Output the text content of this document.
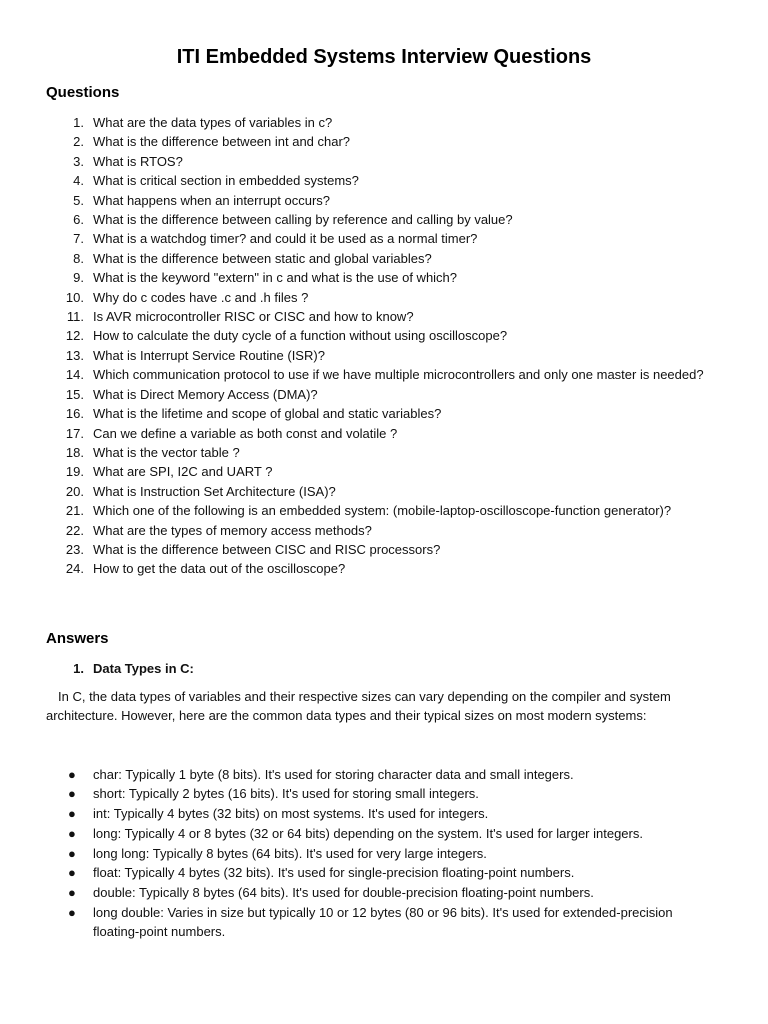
ITI Embedded Systems Interview Questions
Questions
1. What are the data types of variables in c?
2. What is the difference between int and char?
3. What is RTOS?
4. What is critical section in embedded systems?
5. What happens when an interrupt occurs?
6. What is the difference between calling by reference and calling by value?
7. What is a watchdog timer? and could it be used as a normal timer?
8. What is the difference between static and global variables?
9. What is the keyword "extern" in c and what is the use of which?
10. Why do c codes have .c and .h files ?
11. Is AVR microcontroller RISC or CISC and how to know?
12. How to calculate the duty cycle of a function without using oscilloscope?
13. What is Interrupt Service Routine (ISR)?
14. Which communication protocol to use if we have multiple microcontrollers and only one master is needed?
15. What is Direct Memory Access (DMA)?
16. What is the lifetime and scope of global and static variables?
17. Can we define a variable as both const and volatile ?
18. What is the vector table ?
19. What are SPI, I2C and UART ?
20. What is Instruction Set Architecture (ISA)?
21. Which one of the following is an embedded system: (mobile-laptop-oscilloscope-function generator)?
22. What are the types of memory access methods?
23. What is the difference between CISC and RISC processors?
24. How to get the data out of the oscilloscope?
Answers
1. Data Types in C:

In C, the data types of variables and their respective sizes can vary depending on the compiler and system architecture. However, here are the common data types and their typical sizes on most modern systems:

●	char: Typically 1 byte (8 bits). It's used for storing character data and small integers.
●	short: Typically 2 bytes (16 bits). It's used for storing small integers.
●	int: Typically 4 bytes (32 bits) on most systems. It's used for integers.
●	long: Typically 4 or 8 bytes (32 or 64 bits) depending on the system. It's used for larger integers.
●	long long: Typically 8 bytes (64 bits). It's used for very large integers.
●	float: Typically 4 bytes (32 bits). It's used for single-precision floating-point numbers.
●	double: Typically 8 bytes (64 bits). It's used for double-precision floating-point numbers.
●	long double: Varies in size but typically 10 or 12 bytes (80 or 96 bits). It's used for extended-precision floating-point numbers.
